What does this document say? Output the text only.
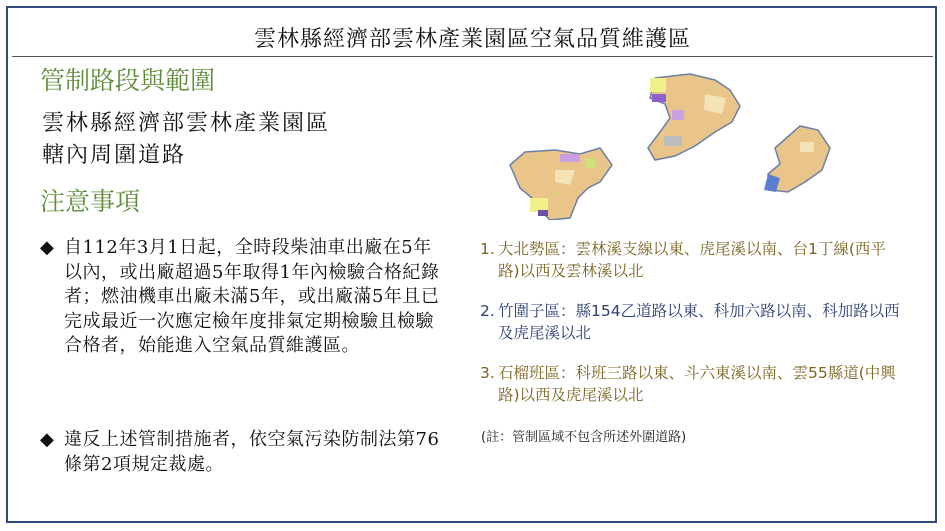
雲林縣經濟部雲林產業園區空氣品質維護區
管制路段與範圍
雲林縣經濟部雲林產業園區
轄內周圍道路
注意事項
◆ 自112年3月1日起，全時段柴油車出廠在5年以內，或出廠超過5年取得1年內檢驗合格紀錄者；燃油機車出廠未滿5年，或出廠滿5年且已完成最近一次應定檢年度排氣定期檢驗且檢驗合格者，始能進入空氣品質維護區。
◆ 違反上述管制措施者，依空氣污染防制法第76條第2項規定裁處。
1. 大北勢區：雲林溪支線以東、虎尾溪以南、台1丁線(西平路)以西及雲林溪以北
2. 竹圍子區：縣154乙道路以東、科加六路以南、科加路以西及虎尾溪以北
3. 石榴班區：科班三路以東、斗六東溪以南、雲55縣道(中興路)以西及虎尾溪以北
(註：管制區域不包含所述外圍道路)
